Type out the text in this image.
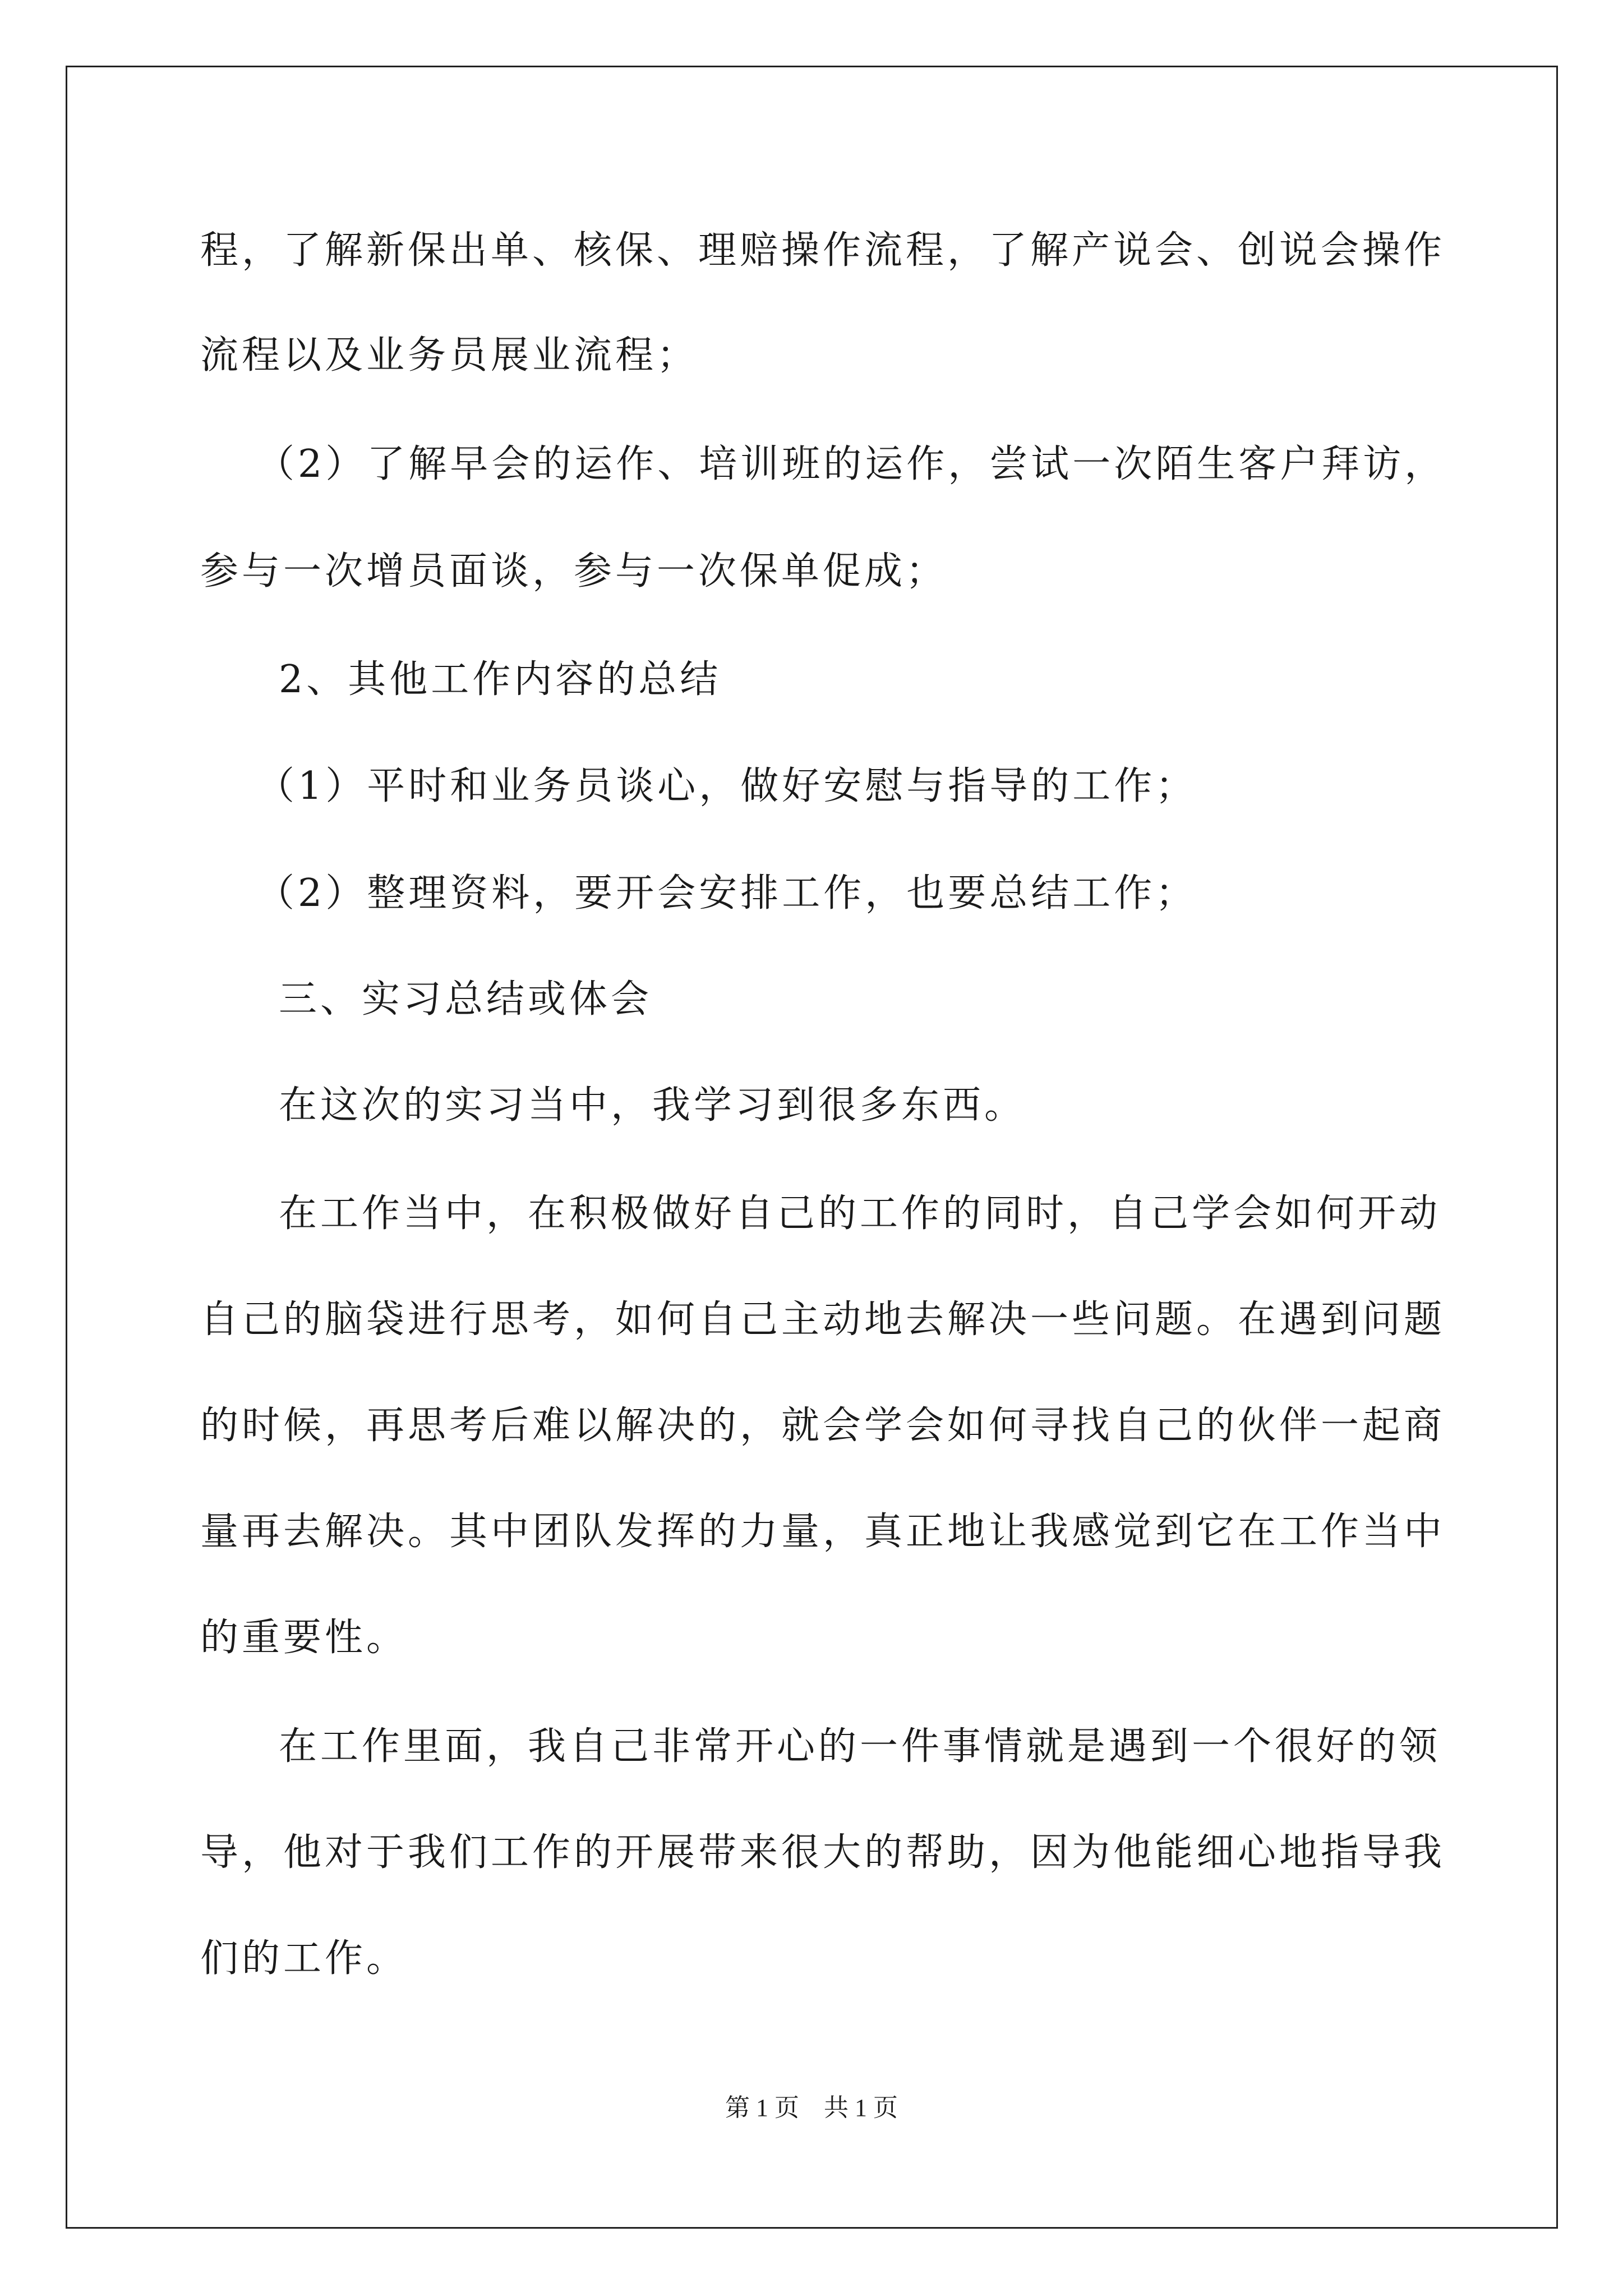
程，了解新保出单、核保、理赔操作流程，了解产说会、创说会操作
流程以及业务员展业流程；
（2）了解早会的运作、培训班的运作，尝试一次陌生客户拜访，
参与一次增员面谈，参与一次保单促成；
2、其他工作内容的总结
（1）平时和业务员谈心，做好安慰与指导的工作；
（2）整理资料，要开会安排工作，也要总结工作；
三、实习总结或体会
在这次的实习当中，我学习到很多东西。
在工作当中，在积极做好自己的工作的同时，自己学会如何开动
自己的脑袋进行思考，如何自己主动地去解决一些问题。在遇到问题
的时候，再思考后难以解决的，就会学会如何寻找自己的伙伴一起商
量再去解决。其中团队发挥的力量，真正地让我感觉到它在工作当中
的重要性。
在工作里面，我自己非常开心的一件事情就是遇到一个很好的领
导，他对于我们工作的开展带来很大的帮助，因为他能细心地指导我
们的工作。
第 1 页　共 1 页
